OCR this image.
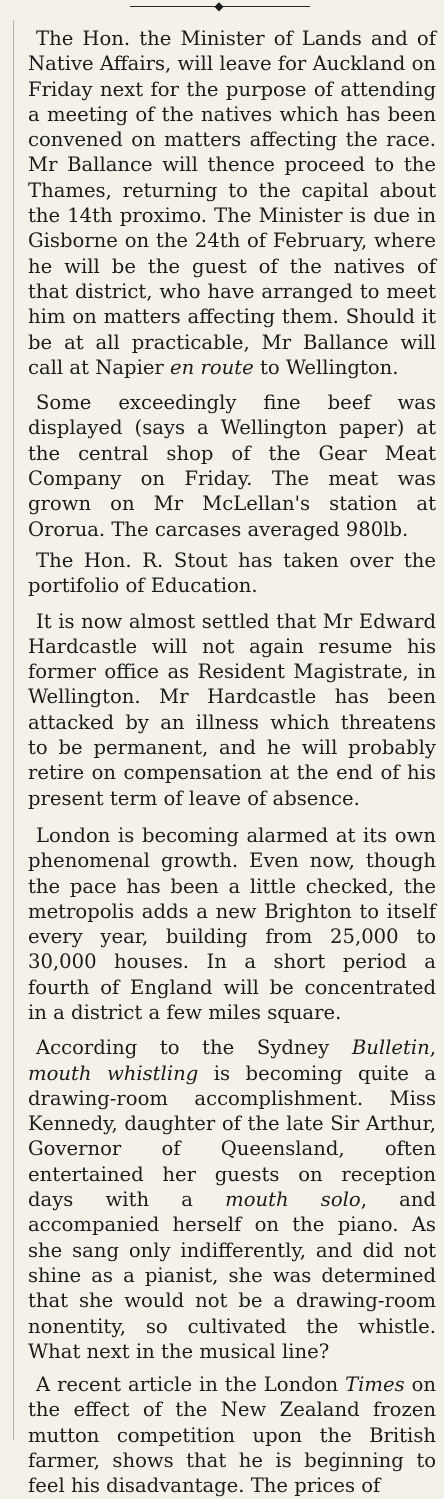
◆

The Hon. the Minister of Lands and of Native Affairs, will leave for Auckland on Friday next for the purpose of attending a meeting of the natives which has been convened on matters affecting the race. Mr Ballance will thence proceed to the Thames, returning to the capital about the 14th proximo. The Minister is due in Gisborne on the 24th of February, where he will be the guest of the natives of that district, who have arranged to meet him on matters affecting them. Should it be at all practicable, Mr Ballance will call at Napier en route to Wellington.

Some exceedingly fine beef was displayed (says a Wellington paper) at the central shop of the Gear Meat Company on Friday. The meat was grown on Mr McLellan's station at Ororua. The carcases averaged 980lb.

The Hon. R. Stout has taken over the portifolio of Education.

It is now almost settled that Mr Edward Hardcastle will not again resume his former office as Resident Magistrate, in Wellington. Mr Hardcastle has been attacked by an illness which threatens to be permanent, and he will probably retire on compensation at the end of his present term of leave of absence.

London is becoming alarmed at its own phenomenal growth. Even now, though the pace has been a little checked, the metropolis adds a new Brighton to itself every year, building from 25,000 to 30,000 houses. In a short period a fourth of England will be concentrated in a district a few miles square.

According to the Sydney Bulletin, mouth whistling is becoming quite a drawing-room accomplishment. Miss Kennedy, daughter of the late Sir Arthur, Governor of Queensland, often entertained her guests on reception days with a mouth solo, and accompanied herself on the piano. As she sang only indifferently, and did not shine as a pianist, she was determined that she would not be a drawing-room nonentity, so cultivated the whistle. What next in the musical line?

A recent article in the London Times on the effect of the New Zealand frozen mutton competition upon the British farmer, shows that he is beginning to feel his disadvantage. The prices of
